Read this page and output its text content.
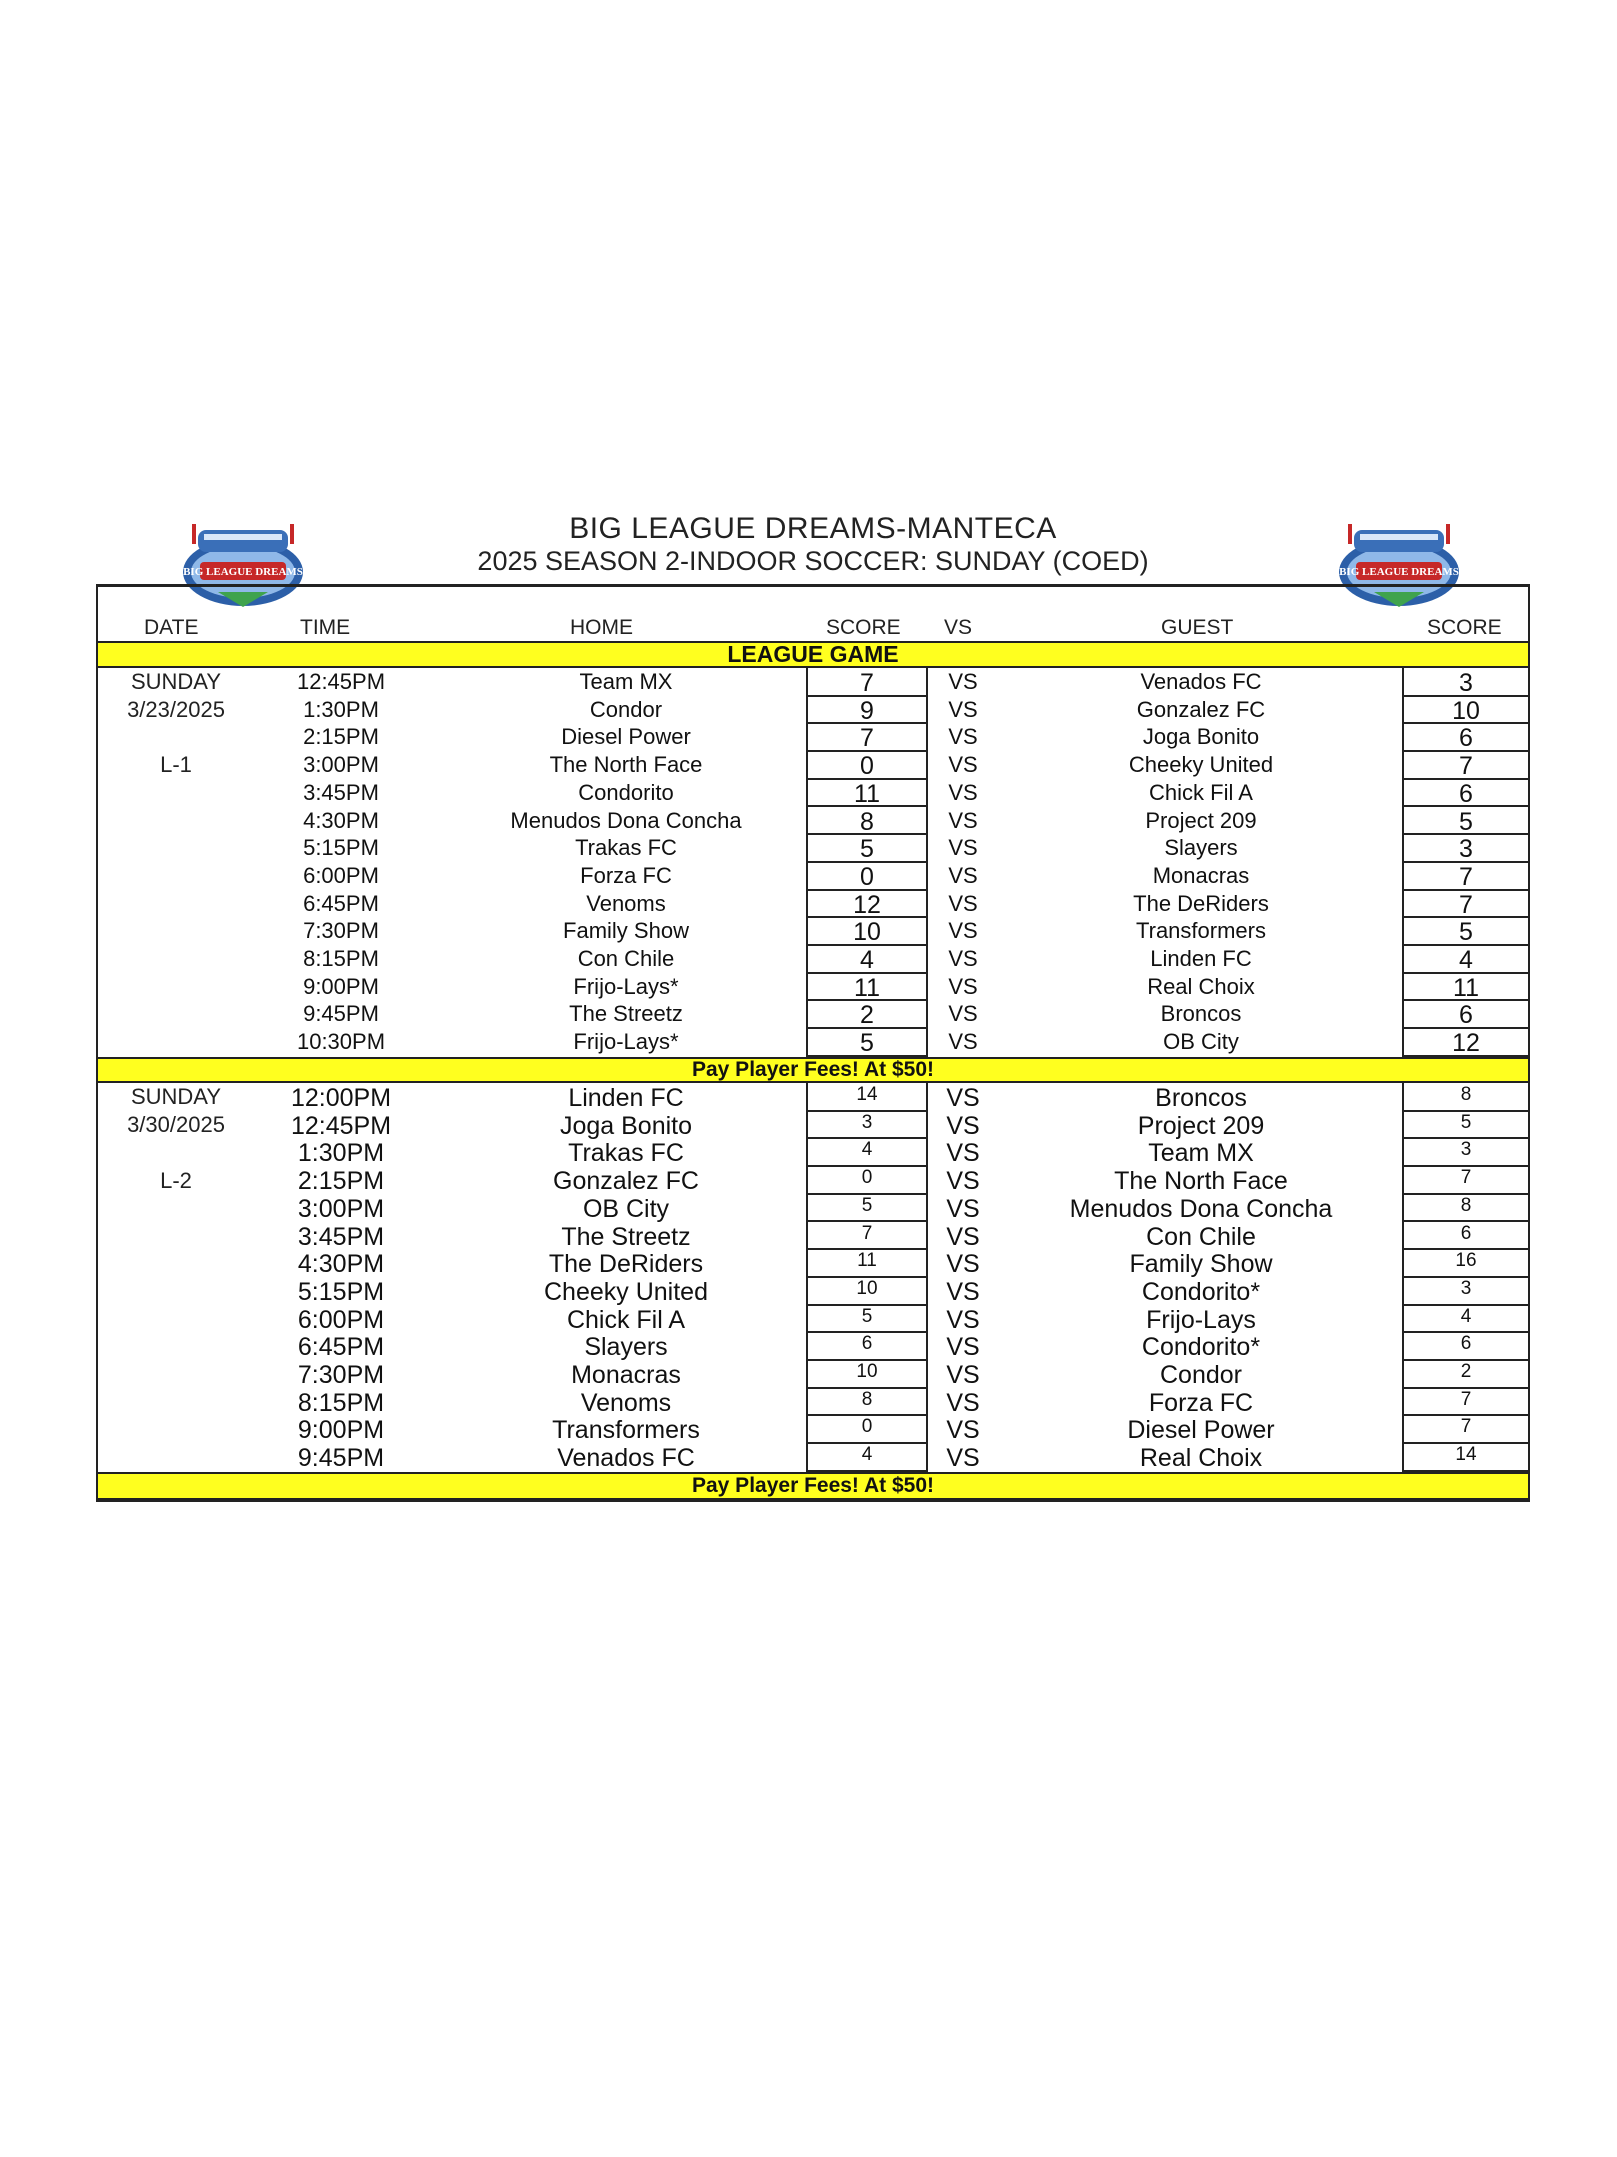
BIG LEAGUE DREAMS-MANTECA
2025 SEASON 2-INDOOR SOCCER: SUNDAY (COED)
BIG LEAGUE DREAMS	BIG LEAGUE DREAMS
DATE	TIME	HOME	SCORE VS	GUEST	SCORE
LEAGUE GAME
SUNDAY
3/23/2025
L-1
12:45PM	Team MX	7	VS	Venados FC	3
1:30PM	Condor	9	VS	Gonzalez FC	10
2:15PM	Diesel Power	7	VS	Joga Bonito	6
3:00PM	The North Face	0	VS	Cheeky United	7
3:45PM	Condorito	11	VS	Chick Fil A	6
4:30PM	Menudos Dona Concha	8	VS	Project 209	5
5:15PM	Trakas FC	5	VS	Slayers	3
6:00PM	Forza FC	0	VS	Monacras	7
6:45PM	Venoms	12	VS	The DeRiders	7
7:30PM	Family Show	10	VS	Transformers	5
8:15PM	Con Chile	4	VS	Linden FC	4
9:00PM	Frijo-Lays*	11	VS	Real Choix	11
9:45PM	The Streetz	2	VS	Broncos	6
10:30PM	Frijo-Lays*	5	VS	OB City	12
Pay Player Fees! At $50!
SUNDAY
3/30/2025
L-2
12:00PM	Linden FC	14	VS	Broncos	8
12:45PM	Joga Bonito	3	VS	Project 209	5
1:30PM	Trakas FC	4	VS	Team MX	3
2:15PM	Gonzalez FC	0	VS	The North Face	7
3:00PM	OB City	5	VS	Menudos Dona Concha	8
3:45PM	The Streetz	7	VS	Con Chile	6
4:30PM	The DeRiders	11	VS	Family Show	16
5:15PM	Cheeky United	10	VS	Condorito*	3
6:00PM	Chick Fil A	5	VS	Frijo-Lays	4
6:45PM	Slayers	6	VS	Condorito*	6
7:30PM	Monacras	10	VS	Condor	2
8:15PM	Venoms	8	VS	Forza FC	7
9:00PM	Transformers	0	VS	Diesel Power	7
9:45PM	Venados FC	4	VS	Real Choix	14
Pay Player Fees! At $50!
